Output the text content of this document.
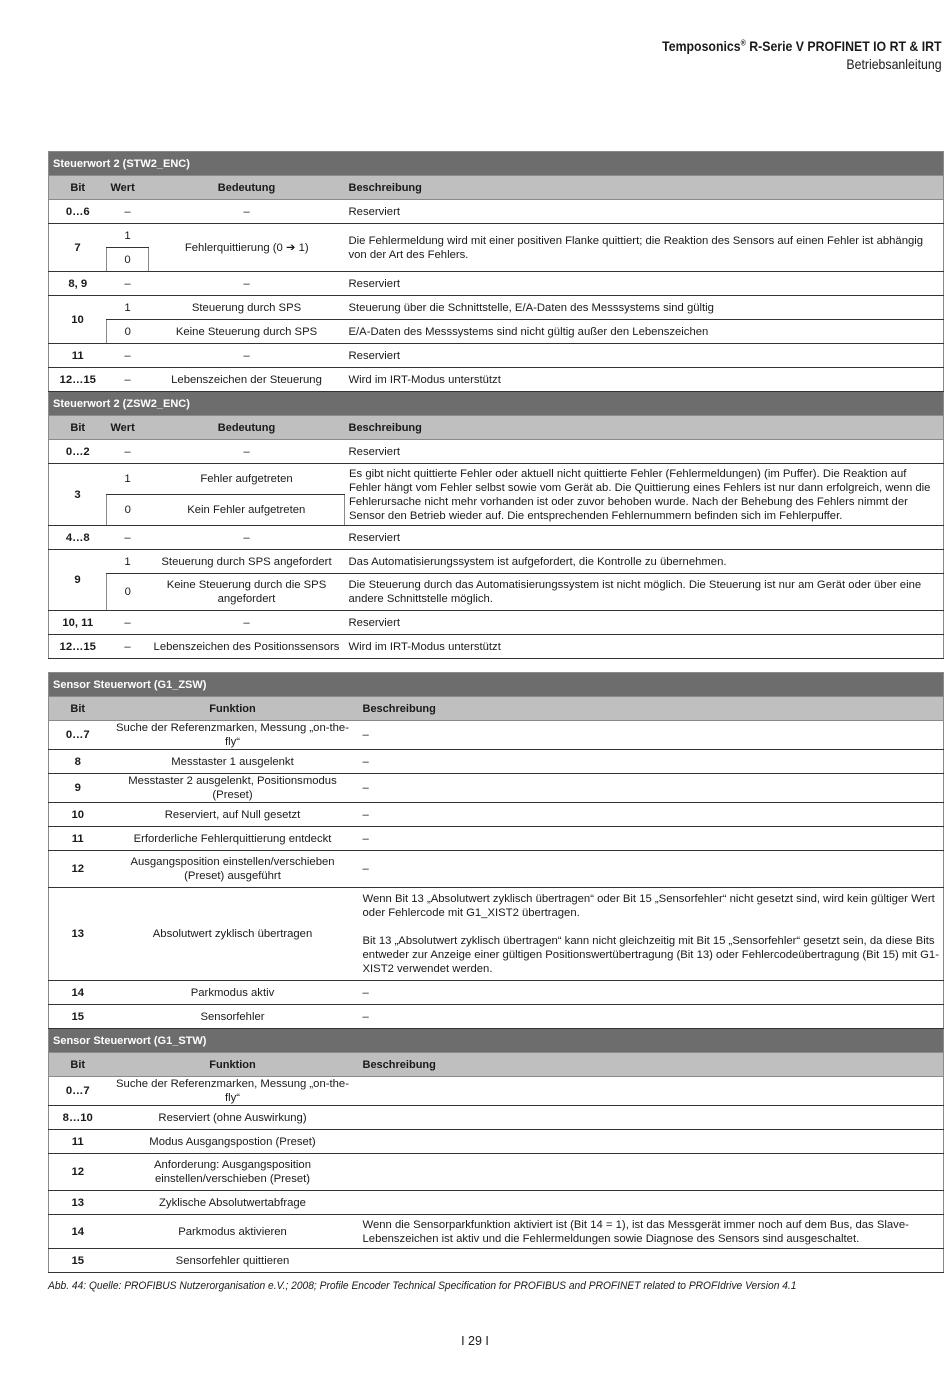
Temposonics® R-Serie V PROFINET IO RT & IRT
Betriebsanleitung
Steuerwort 2 (STW2_ENC)			
Bit	Wert	Bedeutung	Beschreibung
0…6	–	–	Reserviert
7	1	Fehlerquittierung (0 ➔ 1)	Die Fehlermeldung wird mit einer positiven Flanke quittiert; die Reaktion des Sensors auf einen Fehler ist abhängig von der Art des Fehlers.
	0		
8, 9	–	–	Reserviert
10	1	Steuerung durch SPS	Steuerung über die Schnittstelle, E/A-Daten des Messsystems sind gültig
	0	Keine Steuerung durch SPS	E/A-Daten des Messsystems sind nicht gültig außer den Lebenszeichen
11	–	–	Reserviert
12…15	–	Lebenszeichen der Steuerung	Wird im IRT-Modus unterstützt
Steuerwort 2 (ZSW2_ENC)			
Bit	Wert	Bedeutung	Beschreibung
0…2	–	–	Reserviert
3	1	Fehler aufgetreten	Es gibt nicht quittierte Fehler oder aktuell nicht quittierte Fehler (Fehlermeldungen) (im Puffer). Die Reaktion auf Fehler hängt vom Fehler selbst sowie vom Gerät ab. Die Quittierung eines Fehlers ist nur dann erfolgreich, wenn die Fehlerursache nicht mehr vorhanden ist oder zuvor behoben wurde. Nach der Behebung des Fehlers nimmt der Sensor den Betrieb wieder auf. Die entsprechenden Fehlernummern befinden sich im Fehlerpuffer.
	0	Kein Fehler aufgetreten	
4…8	–	–	Reserviert
9	1	Steuerung durch SPS angefordert	Das Automatisierungssystem ist aufgefordert, die Kontrolle zu übernehmen.
	0	Keine Steuerung durch die SPS angefordert	Die Steuerung durch das Automatisierungssystem ist nicht möglich. Die Steuerung ist nur am Gerät oder über eine andere Schnittstelle möglich.
10, 11	–	–	Reserviert
12…15	–	Lebenszeichen des Positionssensors	Wird im IRT-Modus unterstützt
Sensor Steuerwort (G1_ZSW)		
Bit	Funktion	Beschreibung
0…7	Suche der Referenzmarken, Messung „on-the-fly“	–
8	Messtaster 1 ausgelenkt	–
9	Messtaster 2 ausgelenkt, Positionsmodus (Preset)	–
10	Reserviert, auf Null gesetzt	–
11	Erforderliche Fehlerquittierung entdeckt	–
12	Ausgangsposition einstellen/verschieben (Preset) ausgeführt	–
13	Absolutwert zyklisch übertragen	Wenn Bit 13 „Absolutwert zyklisch übertragen“ oder Bit 15 „Sensorfehler“ nicht gesetzt sind, wird kein gültiger Wert oder Fehlercode mit G1_XIST2 übertragen.
Bit 13 „Absolutwert zyklisch übertragen“ kann nicht gleichzeitig mit Bit 15 „Sensorfehler“ gesetzt sein, da diese Bits entweder zur Anzeige einer gültigen Positionswertübertragung (Bit 13) oder Fehlercodeübertragung (Bit 15) mit G1-XIST2 verwendet werden.

14	Parkmodus aktiv	–
15	Sensorfehler	–
Sensor Steuerwort (G1_STW)		
Bit	Funktion	Beschreibung
0…7	Suche der Referenzmarken, Messung „on-the-fly“	
8…10	Reserviert (ohne Auswirkung)	
11	Modus Ausgangspostion (Preset)	
12	Anforderung: Ausgangsposition einstellen/verschieben (Preset)	
13	Zyklische Absolutwertabfrage	
14	Parkmodus aktivieren	Wenn die Sensorparkfunktion aktiviert ist (Bit 14 = 1), ist das Messgerät immer noch auf dem Bus, das Slave-Lebenszeichen ist aktiv und die Fehlermeldungen sowie Diagnose des Sensors sind ausgeschaltet.
15	Sensorfehler quittieren	
Abb. 44: Quelle: PROFIBUS Nutzerorganisation e.V.; 2008; Profile Encoder Technical Specification for PROFIBUS and PROFINET related to PROFIdrive Version 4.1
I 29 I
